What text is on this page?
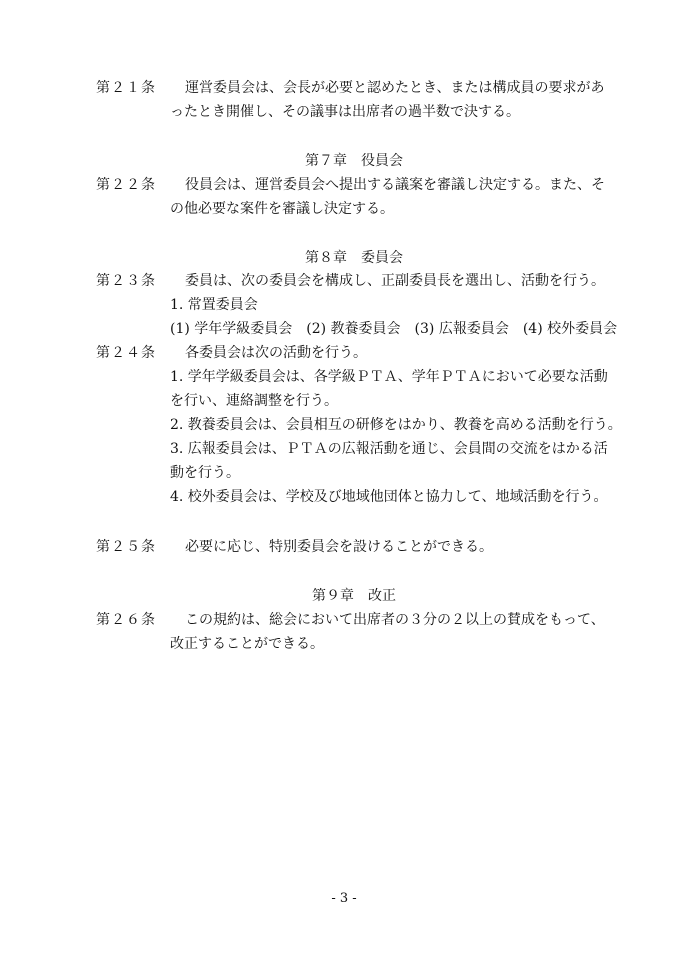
第２１条 運営委員会は、会長が必要と認めたとき、または構成員の要求があ
ったとき開催し、その議事は出席者の過半数で決する。
第７章　役員会
第２２条 役員会は、運営委員会へ提出する議案を審議し決定する。また、そ
の他必要な案件を審議し決定する。
第８章　委員会
第２３条 委員は、次の委員会を構成し、正副委員長を選出し、活動を行う。
1. 常置委員会
(1) 学年学級委員会　(2) 教養委員会　(3) 広報委員会　(4) 校外委員会
第２４条 各委員会は次の活動を行う。
1. 学年学級委員会は、各学級ＰＴＡ、学年ＰＴＡにおいて必要な活動
を行い、連絡調整を行う。
2. 教養委員会は、会員相互の研修をはかり、教養を高める活動を行う。
3. 広報委員会は、ＰＴＡの広報活動を通じ、会員間の交流をはかる活
動を行う。
4. 校外委員会は、学校及び地域他団体と協力して、地域活動を行う。
第２５条 必要に応じ、特別委員会を設けることができる。
第９章　改正
第２６条 この規約は、総会において出席者の３分の２以上の賛成をもって、
改正することができる。
- 3 -
